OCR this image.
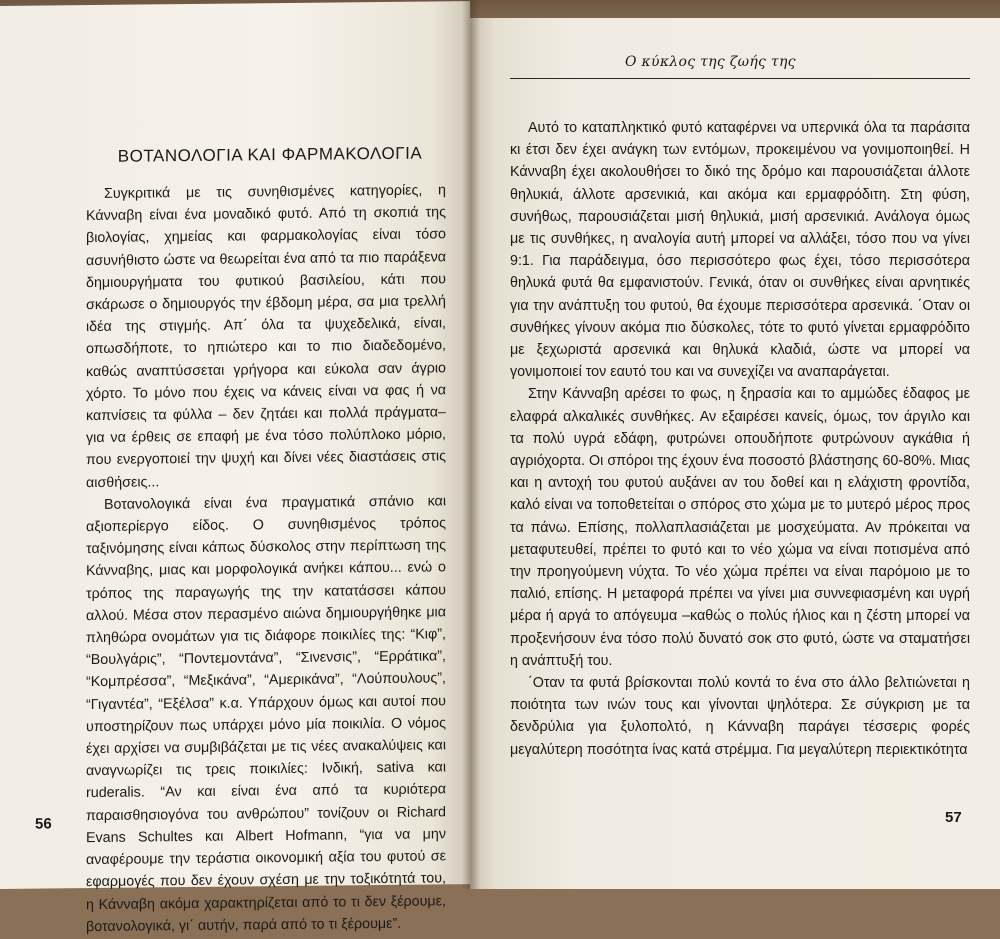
ΒΟΤΑΝΟΛΟΓΙΑ ΚΑΙ ΦΑΡΜΑΚΟΛΟΓΙΑ

Συγκριτικά με τις συνηθισμένες κατηγορίες, η Κάνναβη είναι ένα μοναδικό φυτό. Από τη σκοπιά της βιολογίας, χημείας και φαρμακολογίας είναι τόσο ασυνήθιστο ώστε να θεωρείται ένα από τα πιο παράξενα δημιουργήματα του φυτικού βασιλείου, κάτι που σκάρωσε ο δημιουργός την έβδομη μέρα, σα μια τρελλή ιδέα της στιγμής. Απ΄ όλα τα ψυχεδελικά, είναι, οπωσδήποτε, το ηπιώτερο και το πιο διαδεδομένο, καθώς αναπτύσσεται γρήγορα και εύκολα σαν άγριο χόρτο. Το μόνο που έχεις να κάνεις είναι να φας ή να καπνίσεις τα φύλλα – δεν ζητάει και πολλά πράγματα– για να έρθεις σε επαφή με ένα τόσο πολύπλοκο μόριο, που ενεργοποιεί την ψυχή και δίνει νέες διαστάσεις στις αισθήσεις...

Βοτανολογικά είναι ένα πραγματικά σπάνιο και αξιοπερίεργο είδος. Ο συνηθισμένος τρόπος ταξινόμησης είναι κάπως δύσκολος στην περίπτωση της Κάνναβης, μιας και μορφολογικά ανήκει κάπου... ενώ ο τρόπος της παραγωγής της την κατατάσσει κάπου αλλού. Μέσα στον περασμένο αιώνα δημιουργήθηκε μια πληθώρα ονομάτων για τις διάφορε ποικιλίες της: “Κιφ”, “Βουλγάρις”, “Ποντεμοντάνα”, “Σινενσις”, “Ερράτικα”, “Κομπρέσσα”, “Μεξικάνα”, “Αμερικάνα”, “Λούπουλους”, “Γιγαντέα”, “Εξέλσα” κ.α. Υπάρχουν όμως και αυτοί που υποστηρίζουν πως υπάρχει μόνο μία ποικιλία. Ο νόμος έχει αρχίσει να συμβιβάζεται με τις νέες ανακαλύψεις και αναγνωρίζει τις τρεις ποικιλίες: Ινδική, sativa και ruderalis. “Αν και είναι ένα από τα κυριότερα παραισθησιογόνα του ανθρώπου” τονίζουν οι Richard Evans Schultes και Albert Hofmann, “για να μην αναφέρουμε την τεράστια οικονομική αξία του φυτού σε εφαρμογές που δεν έχουν σχέση με την τοξικότητά του, η Κάνναβη ακόμα χαρακτηρίζεται από το τι δεν ξέρουμε, βοτανολογικά, γι΄ αυτήν, παρά από το τι ξέρουμε”.

56
Ο κύκλος της ζωής της

Αυτό το καταπληκτικό φυτό καταφέρνει να υπερνικά όλα τα παράσιτα κι έτσι δεν έχει ανάγκη των εντόμων, προκειμένου να γονιμοποιηθεί. Η Κάνναβη έχει ακολουθήσει το δικό της δρόμο και παρουσιάζεται άλλοτε θηλυκιά, άλλοτε αρσενικιά, και ακόμα και ερμαφρόδιτη. Στη φύση, συνήθως, παρουσιάζεται μισή θηλυκιά, μισή αρσενικιά. Ανάλογα όμως με τις συνθήκες, η αναλογία αυτή μπορεί να αλλάξει, τόσο που να γίνει 9:1. Για παράδειγμα, όσο περισσότερο φως έχει, τόσο περισσότερα θηλυκά φυτά θα εμφανιστούν. Γενικά, όταν οι συνθήκες είναι αρνητικές για την ανάπτυξη του φυτού, θα έχουμε περισσότερα αρσενικά. ΄Οταν οι συνθήκες γίνουν ακόμα πιο δύσκολες, τότε το φυτό γίνεται ερμαφρόδιτο με ξεχωριστά αρσενικά και θηλυκά κλαδιά, ώστε να μπορεί να γονιμοποιεί τον εαυτό του και να συνεχίζει να αναπαράγεται.

Στην Κάνναβη αρέσει το φως, η ξηρασία και το αμμώδες έδαφος με ελαφρά αλκαλικές συνθήκες. Αν εξαιρέσει κανείς, όμως, τον άργιλο και τα πολύ υγρά εδάφη, φυτρώνει οπουδήποτε φυτρώνουν αγκάθια ή αγριόχορτα. Οι σπόροι της έχουν ένα ποσοστό βλάστησης 60-80%. Μιας και η αντοχή του φυτού αυξάνει αν του δοθεί και η ελάχιστη φροντίδα, καλό είναι να τοποθετείται ο σπόρος στο χώμα με το μυτερό μέρος προς τα πάνω. Επίσης, πολλαπλασιάζεται με μοσχεύματα. Αν πρόκειται να μεταφυτευθεί, πρέπει το φυτό και το νέο χώμα να είναι ποτισμένα από την προηγούμενη νύχτα. Το νέο χώμα πρέπει να είναι παρόμοιο με το παλιό, επίσης. Η μεταφορά πρέπει να γίνει μια συννεφιασμένη και υγρή μέρα ή αργά το απόγευμα –καθώς ο πολύς ήλιος και η ζέστη μπορεί να προξενήσουν ένα τόσο πολύ δυνατό σοκ στο φυτό, ώστε να σταματήσει η ανάπτυξή του.

΄Οταν τα φυτά βρίσκονται πολύ κοντά το ένα στο άλλο βελτιώνεται η ποιότητα των ινών τους και γίνονται ψηλότερα. Σε σύγκριση με τα δενδρύλια για ξυλοπολτό, η Κάνναβη παράγει τέσσερις φορές μεγαλύτερη ποσότητα ίνας κατά στρέμμα. Για μεγαλύτερη περιεκτικότητα

57
